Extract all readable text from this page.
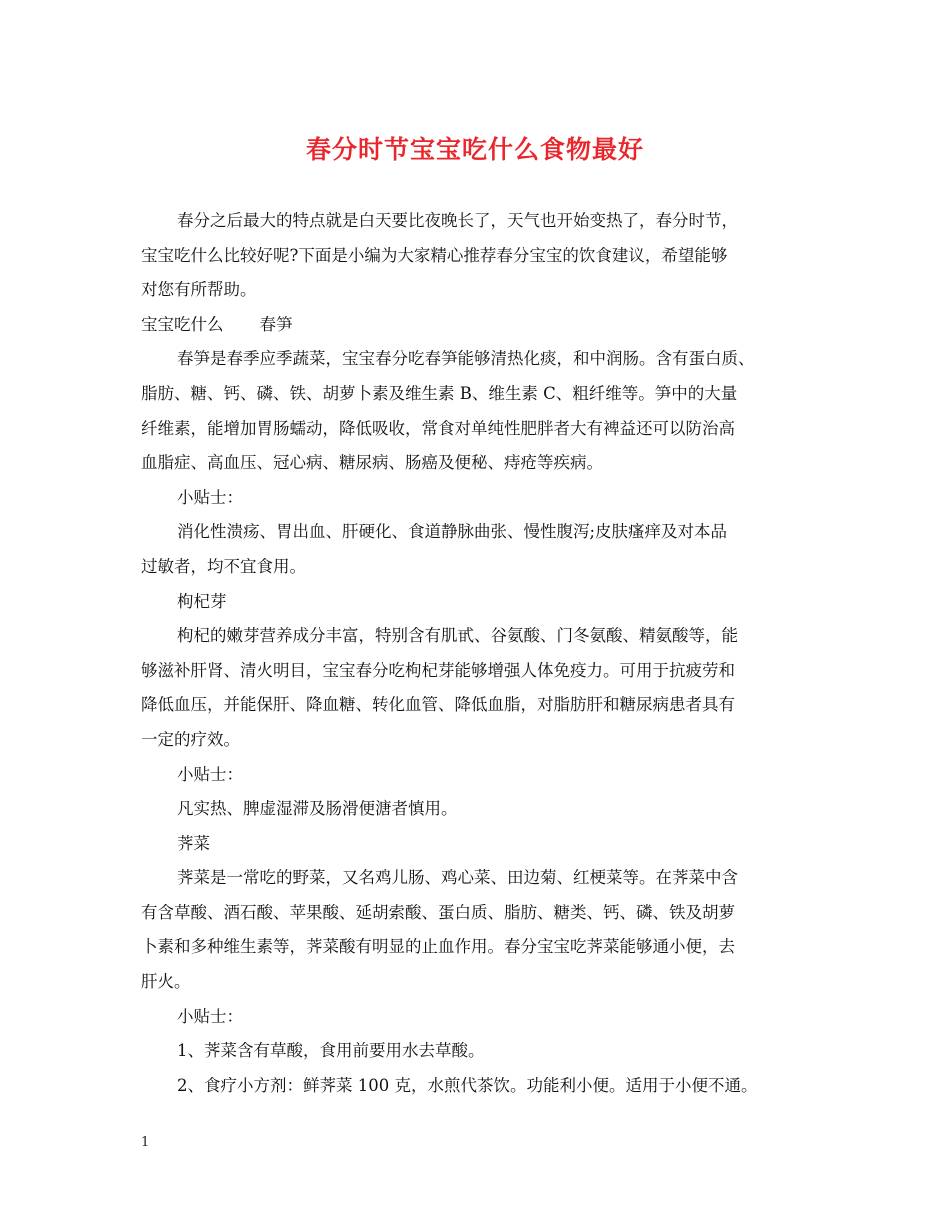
春分时节宝宝吃什么食物最好
春分之后最大的特点就是白天要比夜晚长了，天气也开始变热了，春分时节，
宝宝吃什么比较好呢?下面是小编为大家精心推荐春分宝宝的饮食建议，希望能够
对您有所帮助。
宝宝吃什么 春笋
春笋是春季应季蔬菜，宝宝春分吃春笋能够清热化痰，和中润肠。含有蛋白质、
脂肪、糖、钙、磷、铁、胡萝卜素及维生素 B、维生素 C、粗纤维等。笋中的大量
纤维素，能增加胃肠蠕动，降低吸收，常食对单纯性肥胖者大有裨益还可以防治高
血脂症、高血压、冠心病、糖尿病、肠癌及便秘、痔疮等疾病。
小贴士：
消化性溃疡、胃出血、肝硬化、食道静脉曲张、慢性腹泻;皮肤瘙痒及对本品
过敏者，均不宜食用。
枸杞芽
枸杞的嫩芽营养成分丰富，特别含有肌甙、谷氨酸、门冬氨酸、精氨酸等，能
够滋补肝肾、清火明目，宝宝春分吃枸杞芽能够增强人体免疫力。可用于抗疲劳和
降低血压，并能保肝、降血糖、转化血管、降低血脂，对脂肪肝和糖尿病患者具有
一定的疗效。
小贴士：
凡实热、脾虚湿滞及肠滑便溏者慎用。
荠菜
荠菜是一常吃的野菜，又名鸡儿肠、鸡心菜、田边菊、红梗菜等。在荠菜中含
有含草酸、酒石酸、苹果酸、延胡索酸、蛋白质、脂肪、糖类、钙、磷、铁及胡萝
卜素和多种维生素等，荠菜酸有明显的止血作用。春分宝宝吃荠菜能够通小便，去
肝火。
小贴士：
1、荠菜含有草酸，食用前要用水去草酸。
2、食疗小方剂：鲜荠菜 100 克，水煎代茶饮。功能利小便。适用于小便不通。
1
